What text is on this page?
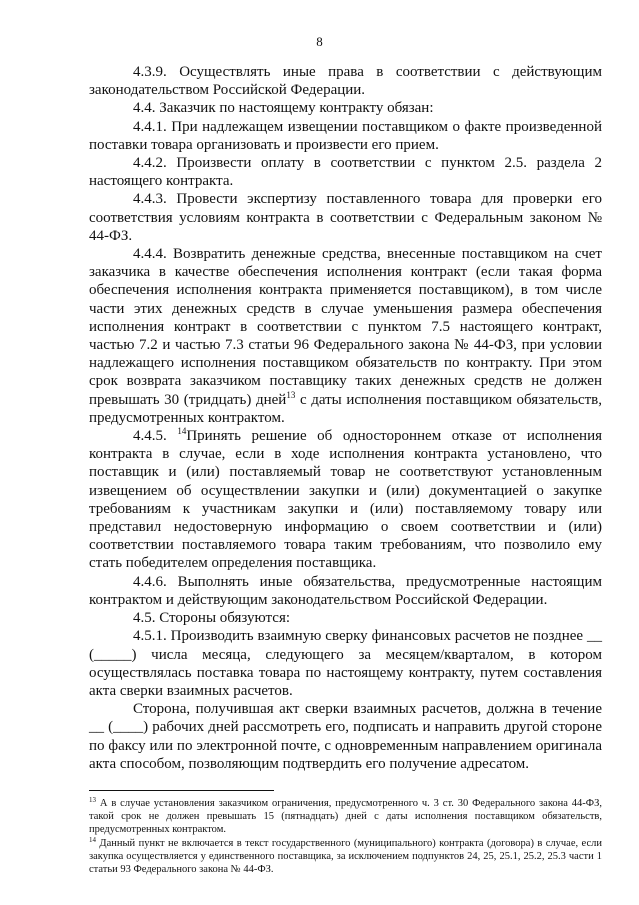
8

4.3.9. Осуществлять иные права в соответствии с действующим законодательством Российской Федерации.

4.4. Заказчик по настоящему контракту обязан:

4.4.1. При надлежащем извещении поставщиком о факте произведенной поставки товара организовать и произвести его прием.

4.4.2. Произвести оплату в соответствии с пунктом 2.5. раздела 2 настоящего контракта.

4.4.3. Провести экспертизу поставленного товара для проверки его соответствия условиям контракта в соответствии с Федеральным законом № 44-ФЗ.

4.4.4. Возвратить денежные средства, внесенные поставщиком на счет заказчика в качестве обеспечения исполнения контракт (если такая форма обеспечения исполнения контракта применяется поставщиком), в том числе части этих денежных средств в случае уменьшения размера обеспечения исполнения контракт в соответствии с пунктом 7.5 настоящего контракт, частью 7.2 и частью 7.3 статьи 96 Федерального закона № 44-ФЗ, при условии надлежащего исполнения поставщиком обязательств по контракту. При этом срок возврата заказчиком поставщику таких денежных средств не должен превышать 30 (тридцать) дней$^{13}$ с даты исполнения поставщиком обязательств, предусмотренных контрактом.

4.4.5. $^{14}$Принять решение об одностороннем отказе от исполнения контракта в случае, если в ходе исполнения контракта установлено, что поставщик и (или) поставляемый товар не соответствуют установленным извещением об осуществлении закупки и (или) документацией о закупке требованиям к участникам закупки и (или) поставляемому товару или представил недостоверную информацию о своем соответствии и (или) соответствии поставляемого товара таким требованиям, что позволило ему стать победителем определения поставщика.

4.4.6. Выполнять иные обязательства, предусмотренные настоящим контрактом и действующим законодательством Российской Федерации.

4.5. Стороны обязуются:

4.5.1. Производить взаимную сверку финансовых расчетов не позднее __ (_____) числа месяца, следующего за месяцем/кварталом, в котором осуществлялась поставка товара по настоящему контракту, путем составления акта сверки взаимных расчетов.

Сторона, получившая акт сверки взаимных расчетов, должна в течение __ (____) рабочих дней рассмотреть его, подписать и направить другой стороне по факсу или по электронной почте, с одновременным направлением оригинала акта способом, позволяющим подтвердить его получение адресатом.

$^{13}$ А в случае установления заказчиком ограничения, предусмотренного ч. 3 ст. 30 Федерального закона 44-ФЗ, такой срок не должен превышать 15 (пятнадцать) дней с даты исполнения поставщиком обязательств, предусмотренных контрактом.

$^{14}$ Данный пункт не включается в текст государственного (муниципального) контракта (договора) в случае, если закупка осуществляется у единственного поставщика, за исключением подпунктов 24, 25, 25.1, 25.2, 25.3 части 1 статьи 93 Федерального закона № 44-ФЗ.
